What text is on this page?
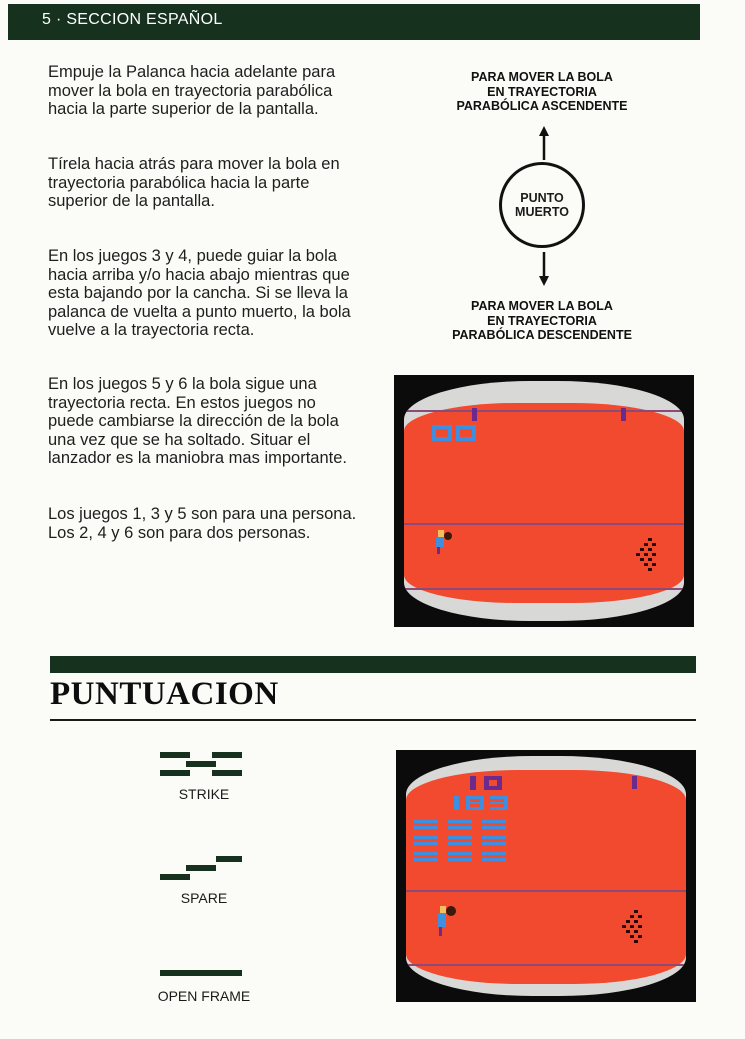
5 · SECCION ESPAÑOL
Empuje la Palanca hacia adelante para mover la bola en trayectoria parabólica hacia la parte superior de la pantalla.
Tírela hacia atrás para mover la bola en trayectoria parabólica hacia la parte superior de la pantalla.
En los juegos 3 y 4, puede guiar la bola hacia arriba y/o hacia abajo mientras que esta bajando por la cancha. Si se lleva la palanca de vuelta a punto muerto, la bola vuelve a la trayectoria recta.
En los juegos 5 y 6 la bola sigue una trayectoria recta. En estos juegos no puede cambiarse la dirección de la bola una vez que se ha soltado. Situar el lanzador es la maniobra mas importante.
Los juegos 1, 3 y 5 son para una persona. Los 2, 4 y 6 son para dos personas.
PARA MOVER LA BOLA
EN TRAYECTORIA
PARABÓLICA ASCENDENTE
PUNTO
MUERTO
PARA MOVER LA BOLA
EN TRAYECTORIA
PARABÓLICA DESCENDENTE
PUNTUACION
STRIKE
SPARE
OPEN FRAME
